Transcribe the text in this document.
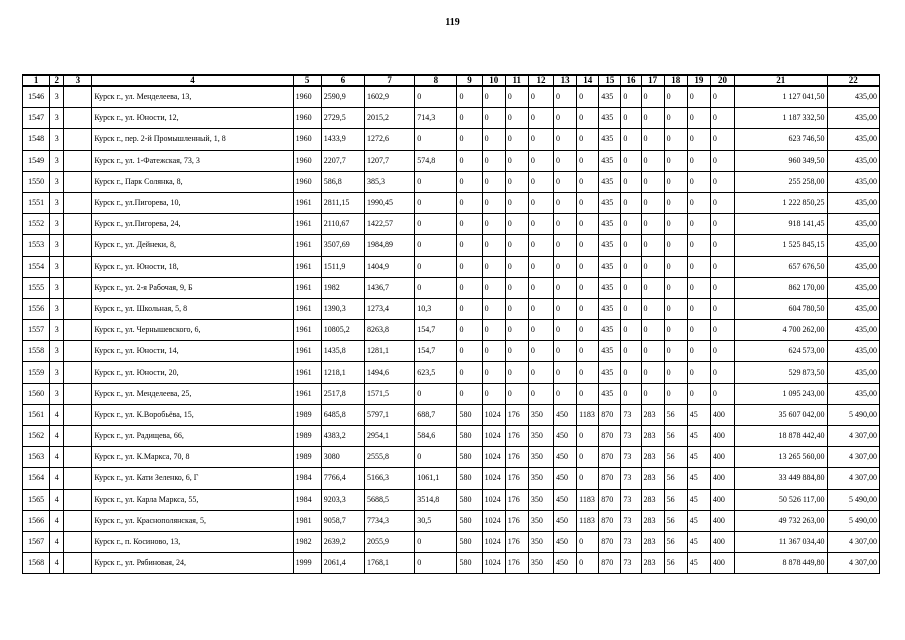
119
1	2	3	4	5	6	7	8	9	10	11	12	13	14	15	16	17	18	19	20	21	22
1546	3		Курск г., ул. Менделеева, 13,	1960	2590,9	1602,9	0	0	0	0	0	0	0	435	0	0	0	0	0	1 127 041,50	435,00
1547	3		Курск г., ул. Юности, 12,	1960	2729,5	2015,2	714,3	0	0	0	0	0	0	435	0	0	0	0	0	1 187 332,50	435,00
1548	3		Курск г., пер. 2-й Промышленный, 1, 8	1960	1433,9	1272,6	0	0	0	0	0	0	0	435	0	0	0	0	0	623 746,50	435,00
1549	3		Курск г., ул. 1-Фатежская, 73, 3	1960	2207,7	1207,7	574,8	0	0	0	0	0	0	435	0	0	0	0	0	960 349,50	435,00
1550	3		Курск г., Парк Солянка, 8,	1960	586,8	385,3	0	0	0	0	0	0	0	435	0	0	0	0	0	255 258,00	435,00
1551	3		Курск г., ул.Пигорева, 10,	1961	2811,15	1990,45	0	0	0	0	0	0	0	435	0	0	0	0	0	1 222 850,25	435,00
1552	3		Курск г., ул.Пигорева, 24,	1961	2110,67	1422,57	0	0	0	0	0	0	0	435	0	0	0	0	0	918 141,45	435,00
1553	3		Курск г., ул. Дейнеки, 8,	1961	3507,69	1984,89	0	0	0	0	0	0	0	435	0	0	0	0	0	1 525 845,15	435,00
1554	3		Курск г., ул. Юности, 18,	1961	1511,9	1404,9	0	0	0	0	0	0	0	435	0	0	0	0	0	657 676,50	435,00
1555	3		Курск г., ул. 2-я Рабочая, 9, Б	1961	1982	1436,7	0	0	0	0	0	0	0	435	0	0	0	0	0	862 170,00	435,00
1556	3		Курск г., ул. Школьная, 5, 8	1961	1390,3	1273,4	10,3	0	0	0	0	0	0	435	0	0	0	0	0	604 780,50	435,00
1557	3		Курск г., ул. Чернышевского, 6,	1961	10805,2	8263,8	154,7	0	0	0	0	0	0	435	0	0	0	0	0	4 700 262,00	435,00
1558	3		Курск г., ул. Юности, 14,	1961	1435,8	1281,1	154,7	0	0	0	0	0	0	435	0	0	0	0	0	624 573,00	435,00
1559	3		Курск г., ул. Юности, 20,	1961	1218,1	1494,6	623,5	0	0	0	0	0	0	435	0	0	0	0	0	529 873,50	435,00
1560	3		Курск г., ул. Менделеева, 25,	1961	2517,8	1571,5	0	0	0	0	0	0	0	435	0	0	0	0	0	1 095 243,00	435,00
1561	4		Курск г., ул. К.Воробьёва, 15,	1989	6485,8	5797,1	688,7	580	1024	176	350	450	1183	870	73	283	56	45	400	35 607 042,00	5 490,00
1562	4		Курск г., ул. Радищева, 66,	1989	4383,2	2954,1	584,6	580	1024	176	350	450	0	870	73	283	56	45	400	18 878 442,40	4 307,00
1563	4		Курск г., ул. К.Маркса, 70, 8	1989	3080	2555,8	0	580	1024	176	350	450	0	870	73	283	56	45	400	13 265 560,00	4 307,00
1564	4		Курск г., ул. Кати Зеленко, 6, Г	1984	7766,4	5166,3	1061,1	580	1024	176	350	450	0	870	73	283	56	45	400	33 449 884,80	4 307,00
1565	4		Курск г., ул. Карла Маркса, 55,	1984	9203,3	5688,5	3514,8	580	1024	176	350	450	1183	870	73	283	56	45	400	50 526 117,00	5 490,00
1566	4		Курск г., ул. Краснополянская, 5,	1981	9058,7	7734,3	30,5	580	1024	176	350	450	1183	870	73	283	56	45	400	49 732 263,00	5 490,00
1567	4		Курск г., п. Косиново, 13,	1982	2639,2	2055,9	0	580	1024	176	350	450	0	870	73	283	56	45	400	11 367 034,40	4 307,00
1568	4		Курск г., ул. Рябиновая, 24,	1999	2061,4	1768,1	0	580	1024	176	350	450	0	870	73	283	56	45	400	8 878 449,80	4 307,00
